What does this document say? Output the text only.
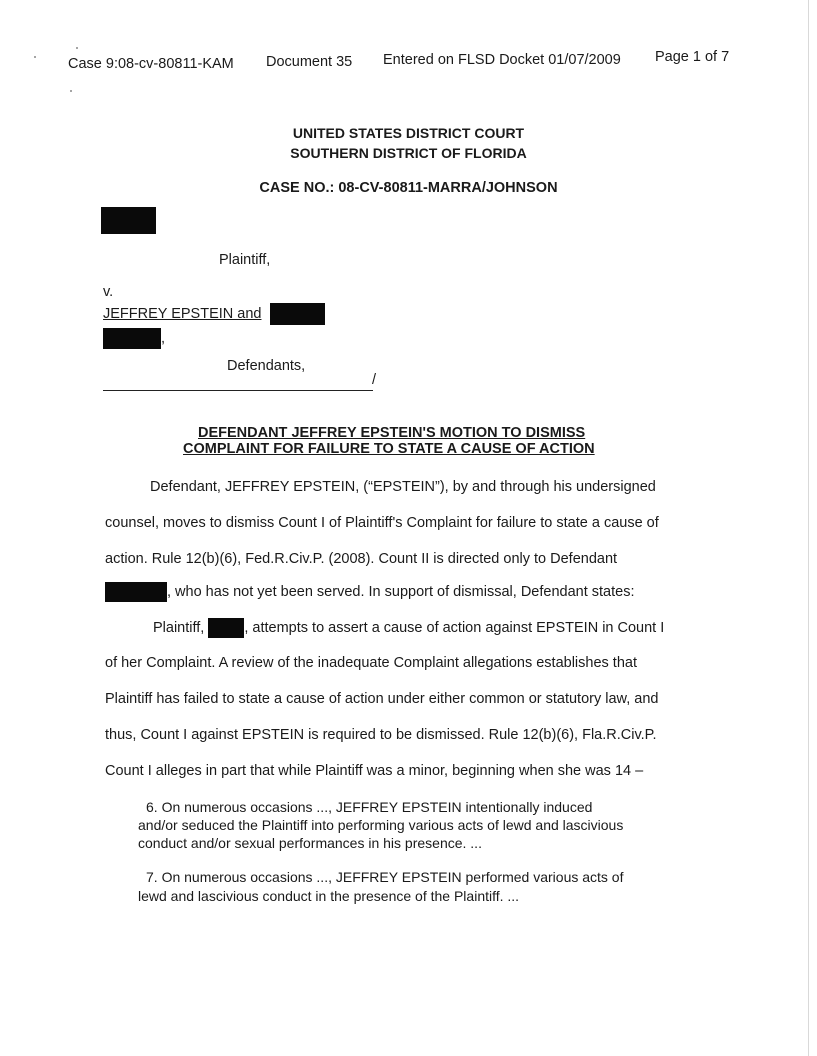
Case 9:08-cv-80811-KAM Document 35 Entered on FLSD Docket 01/07/2009 Page 1 of 7
UNITED STATES DISTRICT COURT
SOUTHERN DISTRICT OF FLORIDA
CASE NO.: 08-CV-80811-MARRA/JOHNSON
Plaintiff,
v.
JEFFREY EPSTEIN and
,
Defendants,
/
DEFENDANT JEFFREY EPSTEIN'S MOTION TO DISMISS
COMPLAINT FOR FAILURE TO STATE A CAUSE OF ACTION
Defendant, JEFFREY EPSTEIN, (“EPSTEIN”), by and through his undersigned
counsel, moves to dismiss Count I of Plaintiff's Complaint for failure to state a cause of
action. Rule 12(b)(6), Fed.R.Civ.P. (2008). Count II is directed only to Defendant
, who has not yet been served. In support of dismissal, Defendant states:
Plaintiff,	, attempts to assert a cause of action against EPSTEIN in Count I
of her Complaint. A review of the inadequate Complaint allegations establishes that
Plaintiff has failed to state a cause of action under either common or statutory law, and
thus, Count I against EPSTEIN is required to be dismissed. Rule 12(b)(6), Fla.R.Civ.P.
Count I alleges in part that while Plaintiff was a minor, beginning when she was 14 –
6. On numerous occasions ..., JEFFREY EPSTEIN intentionally induced
and/or seduced the Plaintiff into performing various acts of lewd and lascivious
conduct and/or sexual performances in his presence. ...
7. On numerous occasions ..., JEFFREY EPSTEIN performed various acts of
lewd and lascivious conduct in the presence of the Plaintiff. ...
